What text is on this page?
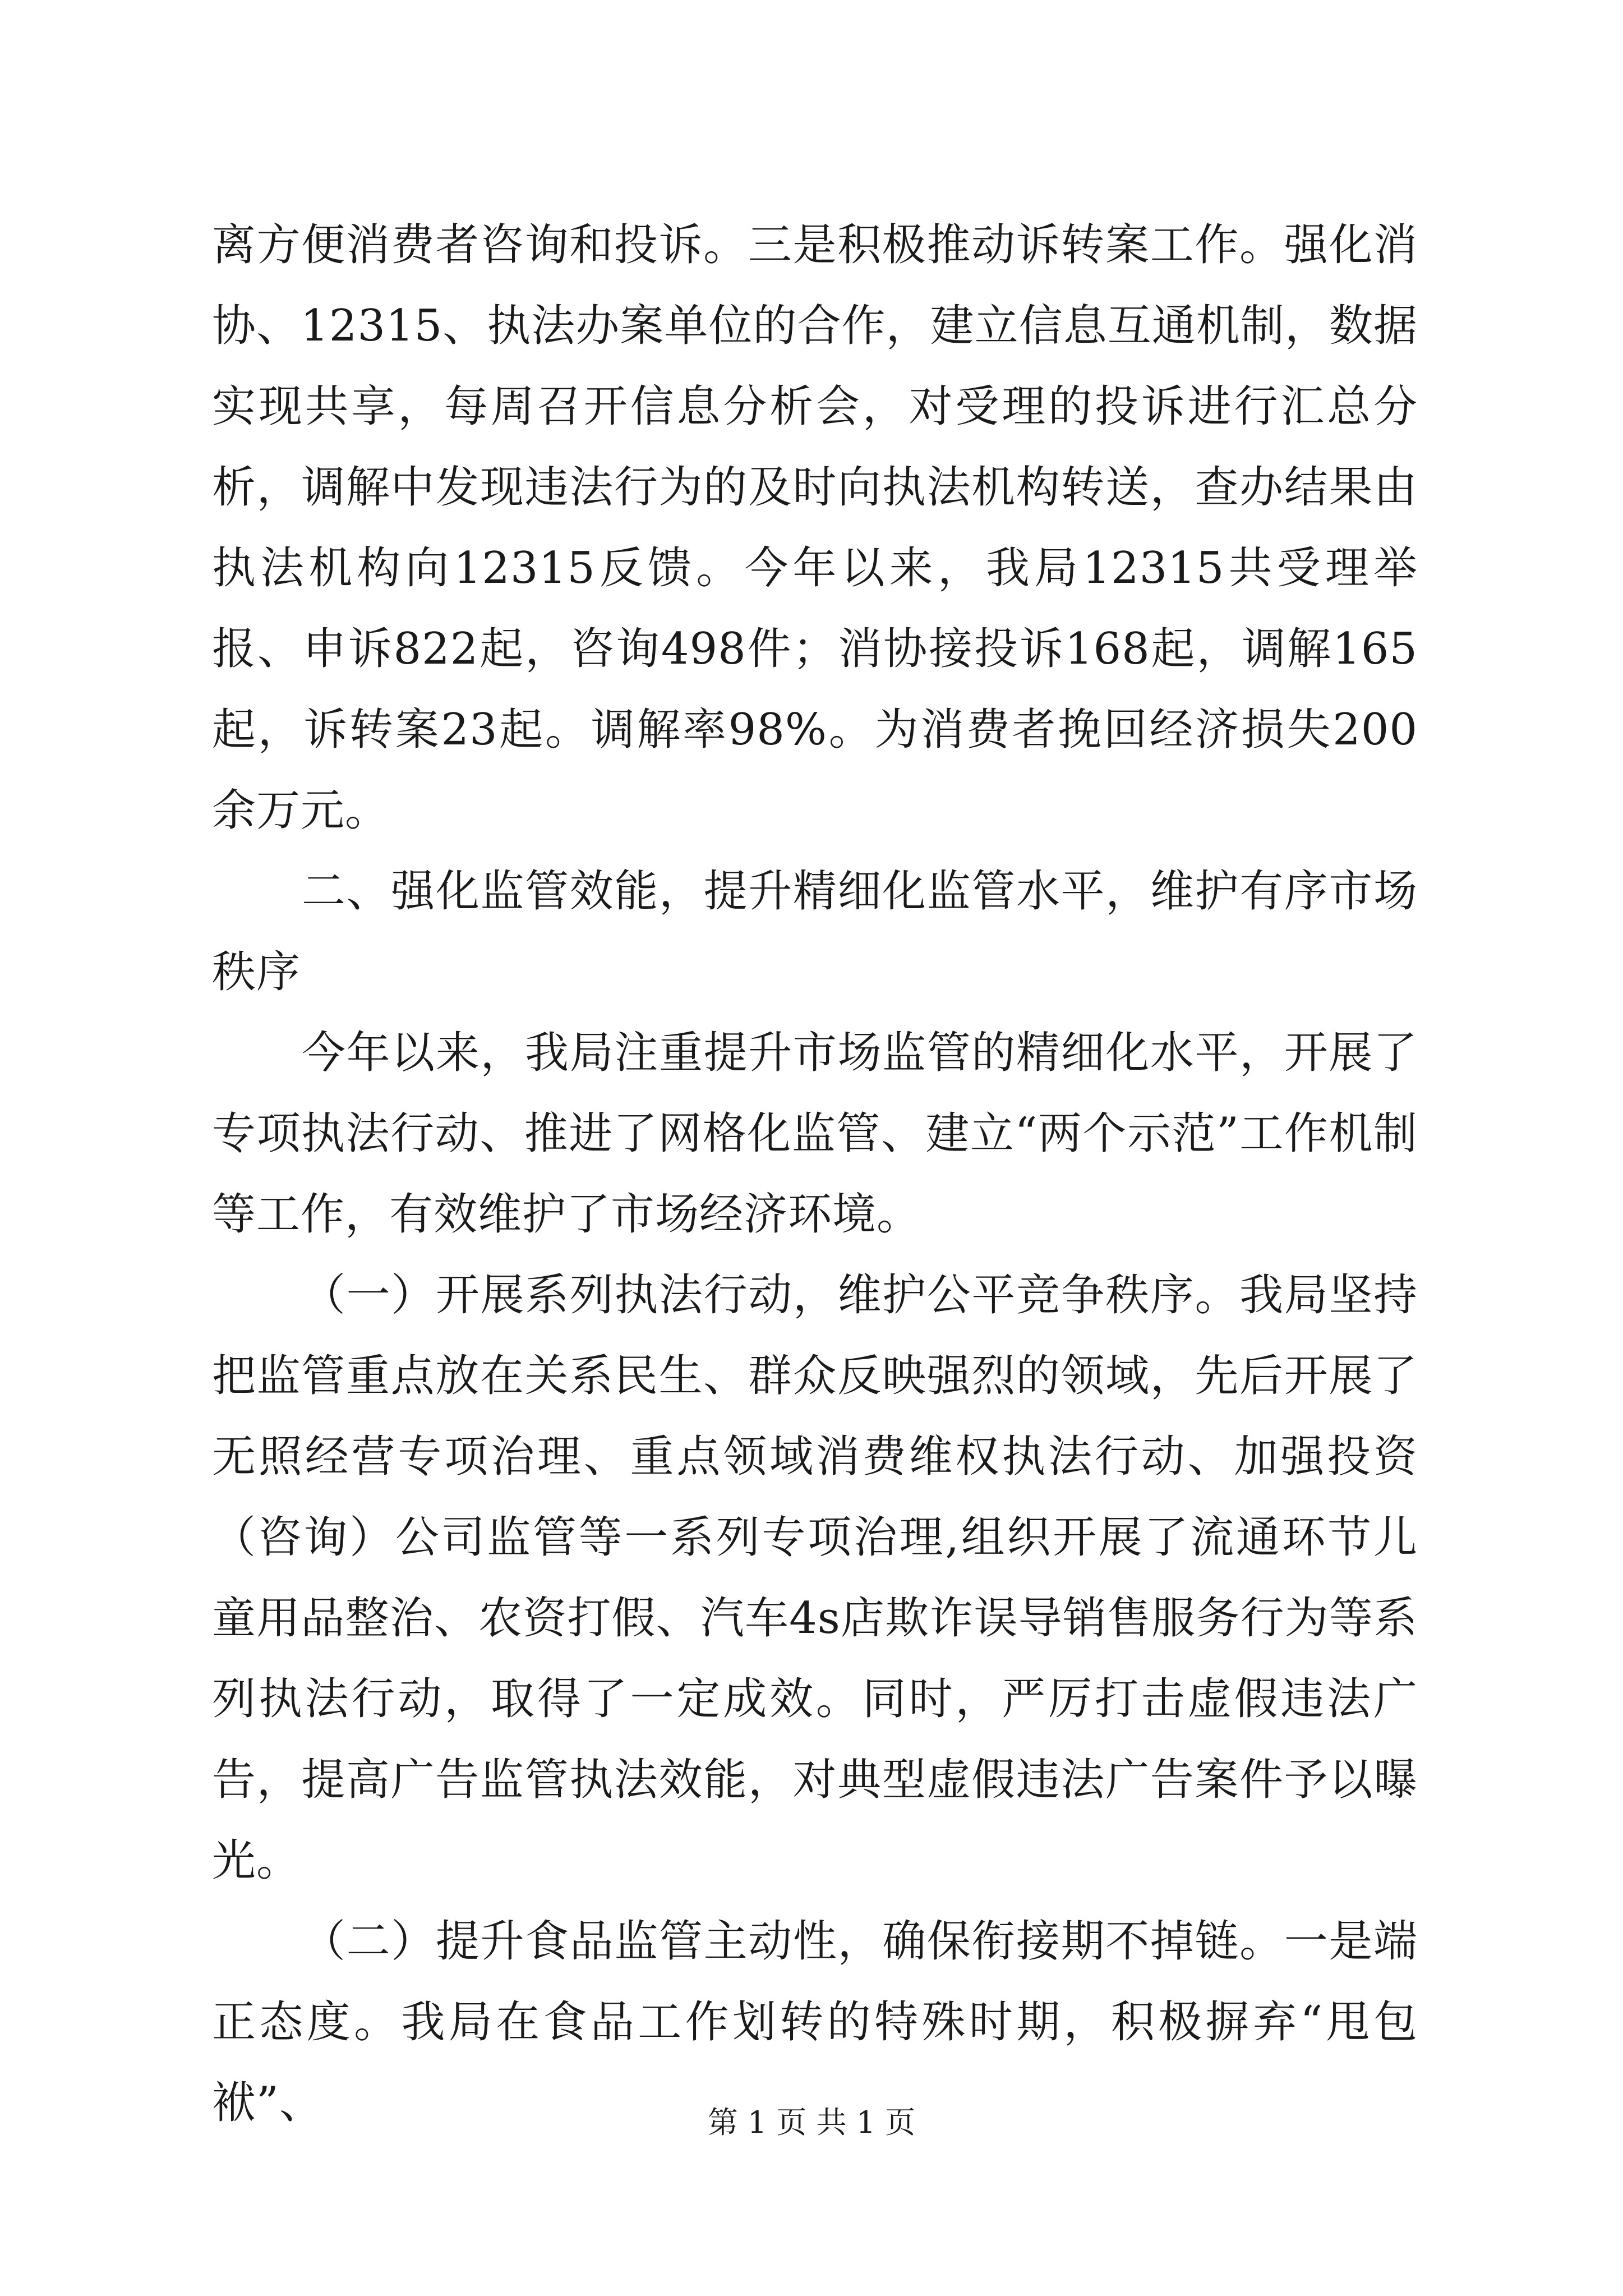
离方便消费者咨询和投诉。三是积极推动诉转案工作。强化消协、12315、执法办案单位的合作，建立信息互通机制，数据实现共享，每周召开信息分析会，对受理的投诉进行汇总分析，调解中发现违法行为的及时向执法机构转送，查办结果由执法机构向12315反馈。今年以来，我局12315共受理举报、申诉822起，咨询498件；消协接投诉168起，调解165起，诉转案23起。调解率98%。为消费者挽回经济损失200余万元。

二、强化监管效能，提升精细化监管水平，维护有序市场秩序

今年以来，我局注重提升市场监管的精细化水平，开展了专项执法行动、推进了网格化监管、建立“两个示范”工作机制等工作，有效维护了市场经济环境。

（一）开展系列执法行动，维护公平竞争秩序。我局坚持把监管重点放在关系民生、群众反映强烈的领域，先后开展了无照经营专项治理、重点领域消费维权执法行动、加强投资（咨询）公司监管等一系列专项治理,组织开展了流通环节儿童用品整治、农资打假、汽车4s店欺诈误导销售服务行为等系列执法行动，取得了一定成效。同时，严厉打击虚假违法广告，提高广告监管执法效能，对典型虚假违法广告案件予以曝光。

（二）提升食品监管主动性，确保衔接期不掉链。一是端正态度。我局在食品工作划转的特殊时期，积极摒弃“甩包袱”、	第 1 页 共 1 页
